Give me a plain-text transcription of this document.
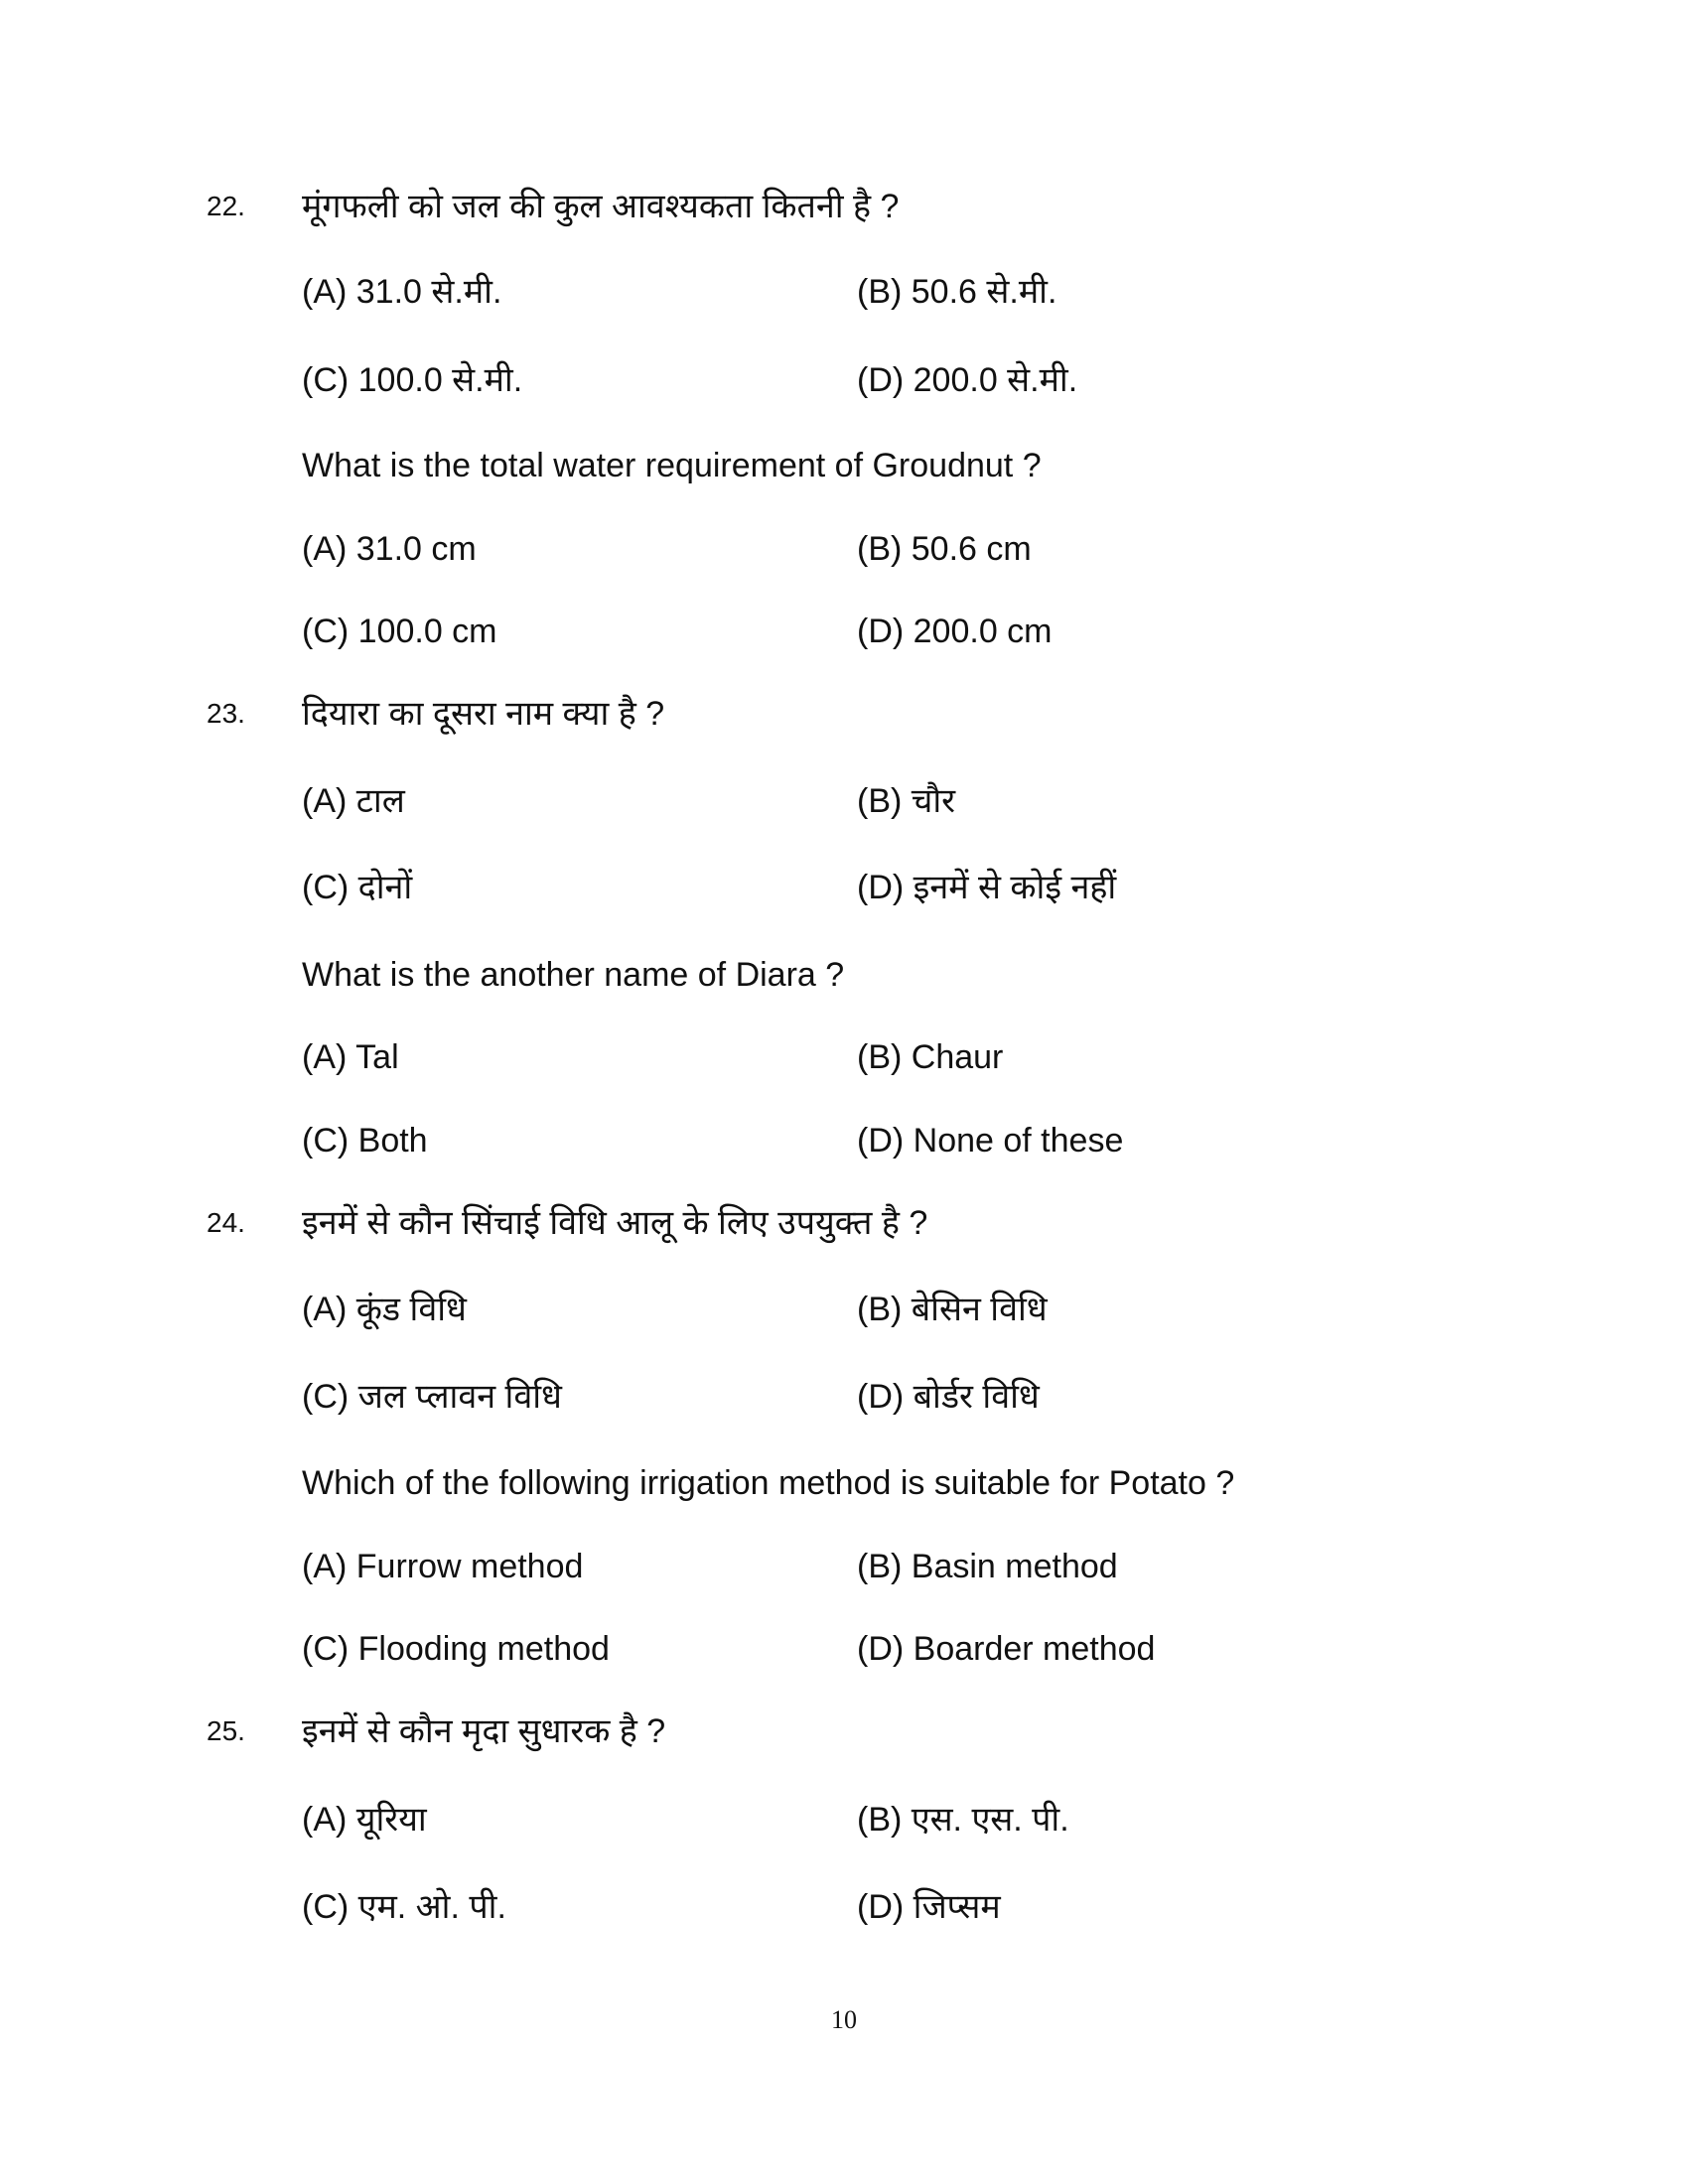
22. मूंगफली को जल की कुल आवश्यकता कितनी है ?
(A) 31.0 से.मी.	(B) 50.6 से.मी.
(C) 100.0 से.मी.	(D) 200.0 से.मी.
What is the total water requirement of Groudnut ?
(A) 31.0 cm	(B) 50.6 cm
(C) 100.0 cm	(D) 200.0 cm
23. दियारा का दूसरा नाम क्या है ?
(A) टाल	(B) चौर
(C) दोनों	(D) इनमें से कोई नहीं
What is the another name of Diara ?
(A) Tal	(B) Chaur
(C) Both	(D) None of these
24. इनमें से कौन सिंचाई विधि आलू के लिए उपयुक्त है ?
(A) कूंड विधि	(B) बेसिन विधि
(C) जल प्लावन विधि	(D) बोर्डर विधि
Which of the following irrigation method is suitable for Potato ?
(A) Furrow method	(B) Basin method
(C) Flooding method	(D) Boarder method
25. इनमें से कौन मृदा सुधारक है ?
(A) यूरिया	(B) एस. एस. पी.
(C) एम. ओ. पी.	(D) जिप्सम
10
